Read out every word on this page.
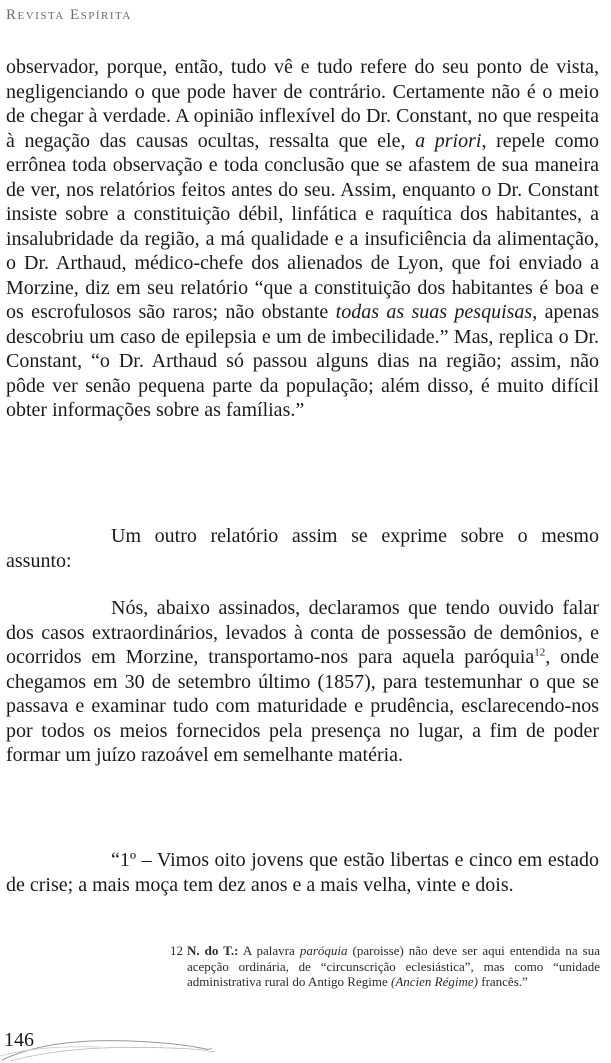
Revista Espírita

observador, porque, então, tudo vê e tudo refere do seu ponto de vista, negligenciando o que pode haver de contrário. Certamente não é o meio de chegar à verdade. A opinião inflexível do Dr. Constant, no que respeita à negação das causas ocultas, ressalta que ele, a priori, repele como errônea toda observação e toda conclusão que se afastem de sua maneira de ver, nos relatórios feitos antes do seu. Assim, enquanto o Dr. Constant insiste sobre a constituição débil, linfática e raquítica dos habitantes, a insalubridade da região, a má qualidade e a insuficiência da alimentação, o Dr. Arthaud, médico-chefe dos alienados de Lyon, que foi enviado a Morzine, diz em seu relatório “que a constituição dos habitantes é boa e os escrofulosos são raros; não obstante todas as suas pesquisas, apenas descobriu um caso de epilepsia e um de imbecilidade.” Mas, replica o Dr. Constant, “o Dr. Arthaud só passou alguns dias na região; assim, não pôde ver senão pequena parte da população; além disso, é muito difícil obter informações sobre as famílias.”

Um outro relatório assim se exprime sobre o mesmo assunto:

Nós, abaixo assinados, declaramos que tendo ouvido falar dos casos extraordinários, levados à conta de possessão de demônios, e ocorridos em Morzine, transportamo-nos para aquela paróquia$^{12}$, onde chegamos em 30 de setembro último (1857), para testemunhar o que se passava e examinar tudo com maturidade e prudência, esclarecendo-nos por todos os meios fornecidos pela presença no lugar, a fim de poder formar um juízo razoável em semelhante matéria.

“1º – Vimos oito jovens que estão libertas e cinco em estado de crise; a mais moça tem dez anos e a mais velha, vinte e dois.

12 N. do T.: A palavra paróquia (paroisse) não deve ser aqui entendida na sua acepção ordinária, de “circunscrição eclesiástica”, mas como “unidade administrativa rural do Antigo Regime (Ancien Régime) francês.”
146
